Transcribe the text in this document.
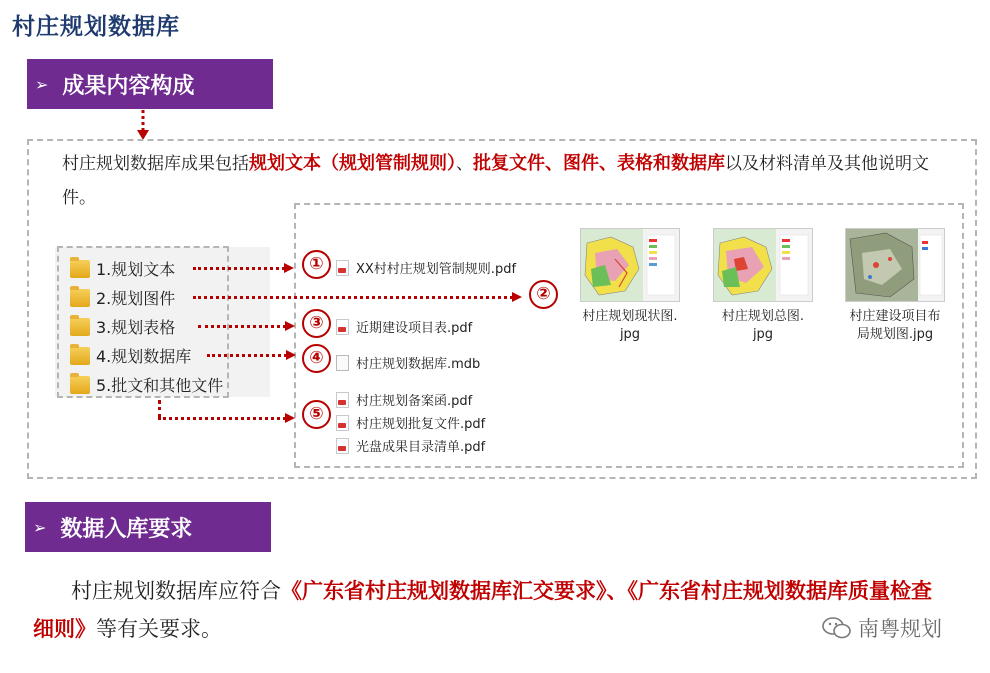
村庄规划数据库
➢ 成果内容构成
村庄规划数据库成果包括规划文本（规划管制规则）、批复文件、图件、表格和数据库以及材料清单及其他说明文件。
1.规划文本
2.规划图件
3.规划表格
4.规划数据库
5.批文和其他文件
①
②
③
④
⑤
XX村村庄规划管制规则.pdf
近期建设项目表.pdf
村庄规划数据库.mdb
村庄规划备案函.pdf
村庄规划批复文件.pdf
光盘成果目录清单.pdf
村庄规划现状图.
jpg
村庄规划总图.
jpg
村庄建设项目布
局规划图.jpg
➢ 数据入库要求
村庄规划数据库应符合《广东省村庄规划数据库汇交要求》、《广东省村庄规划数据库质量检查细则》等有关要求。	南粤规划
